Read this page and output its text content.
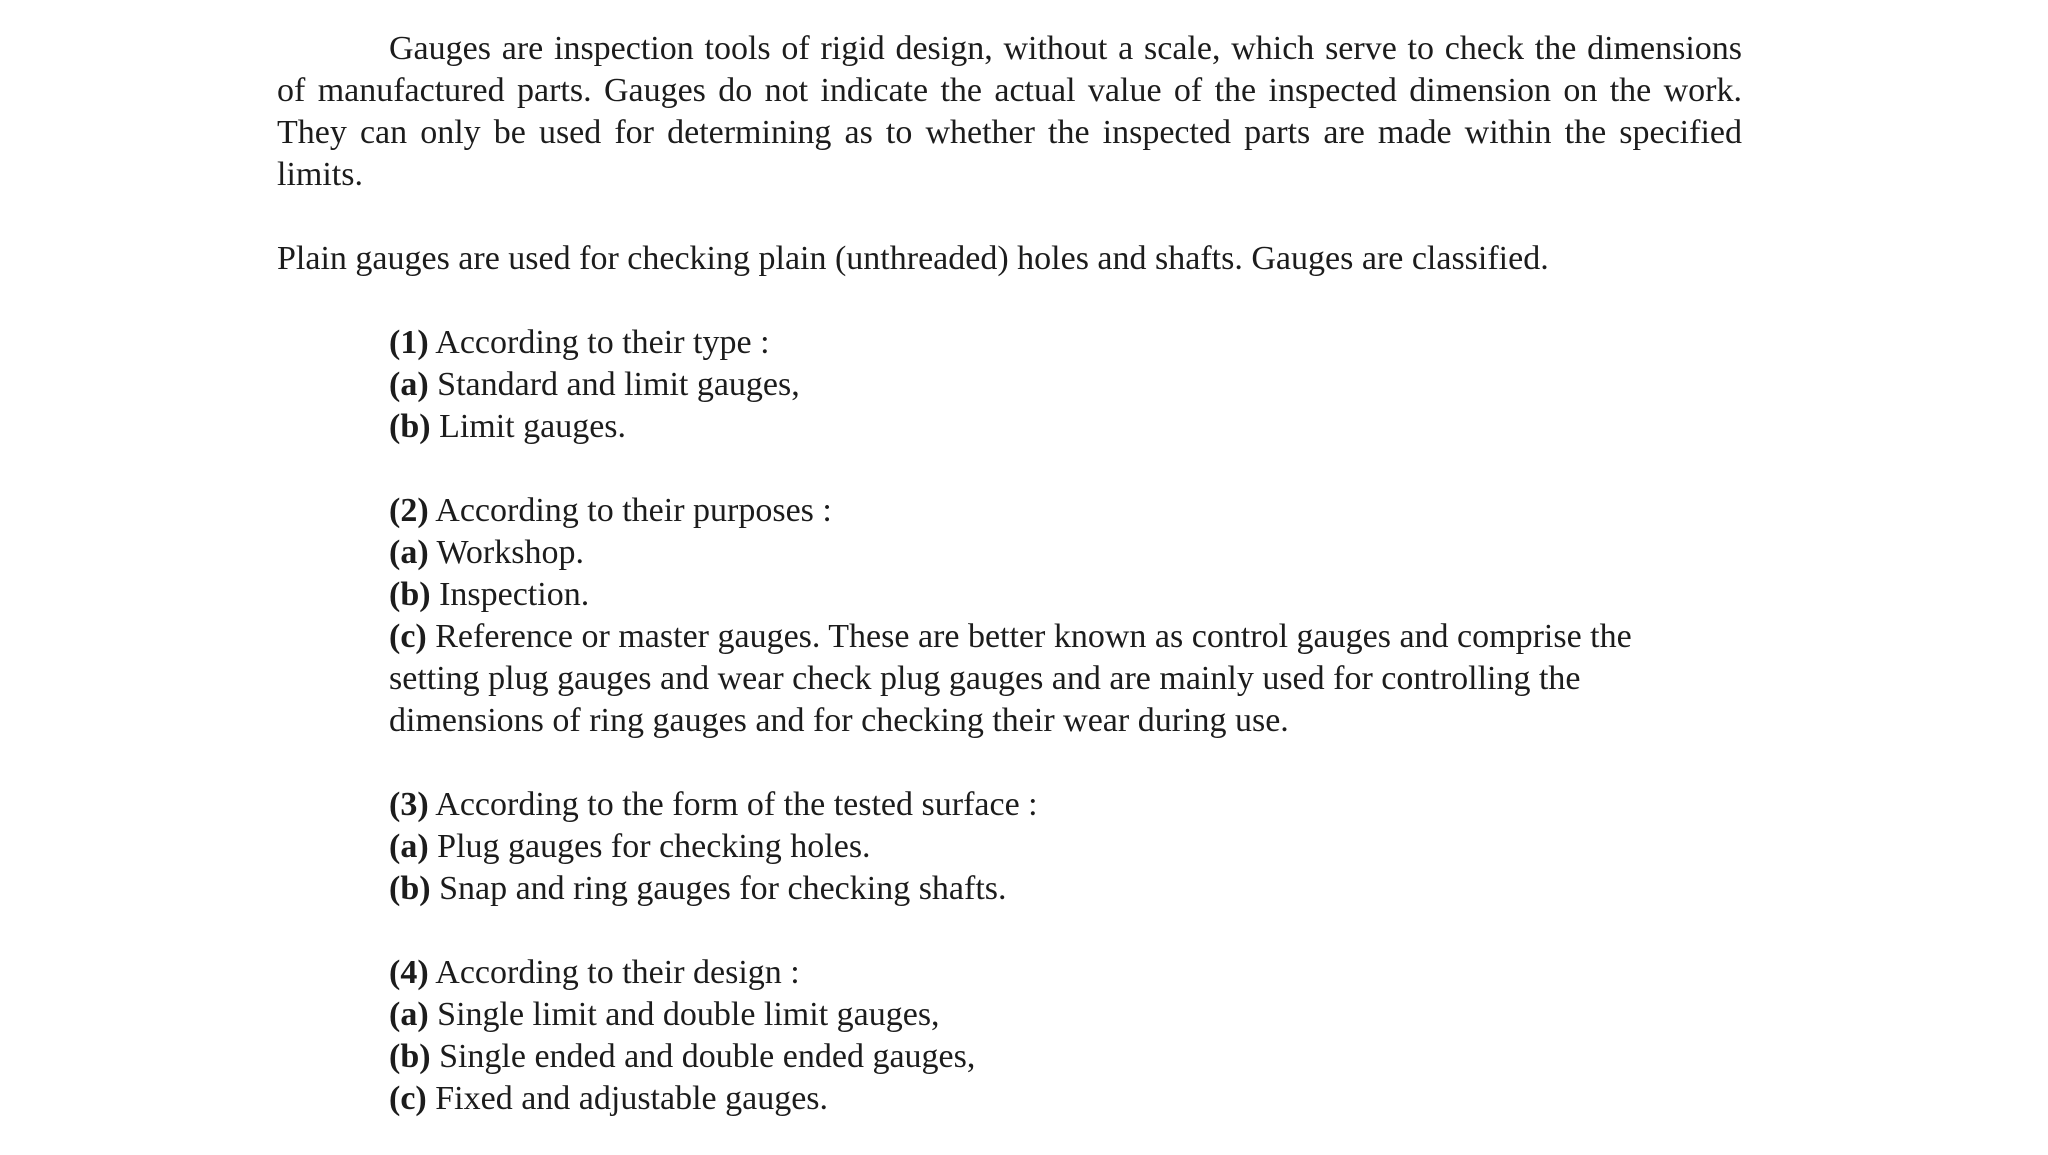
Gauges are inspection tools of rigid design, without a scale, which serve to check the dimensions of manufactured parts. Gauges do not indicate the actual value of the inspected dimension on the work. They can only be used for determining as to whether the inspected parts are made within the specified limits.

Plain gauges are used for checking plain (unthreaded) holes and shafts. Gauges are classified.

(1) According to their type :

(a) Standard and limit gauges,

(b) Limit gauges.

(2) According to their purposes :

(a) Workshop.

(b) Inspection.

(c) Reference or master gauges. These are better known as control gauges and comprise the setting plug gauges and wear check plug gauges and are mainly used for controlling the dimensions of ring gauges and for checking their wear during use.

(3) According to the form of the tested surface :

(a) Plug gauges for checking holes.

(b) Snap and ring gauges for checking shafts.

(4) According to their design :

(a) Single limit and double limit gauges,

(b) Single ended and double ended gauges,

(c) Fixed and adjustable gauges.
